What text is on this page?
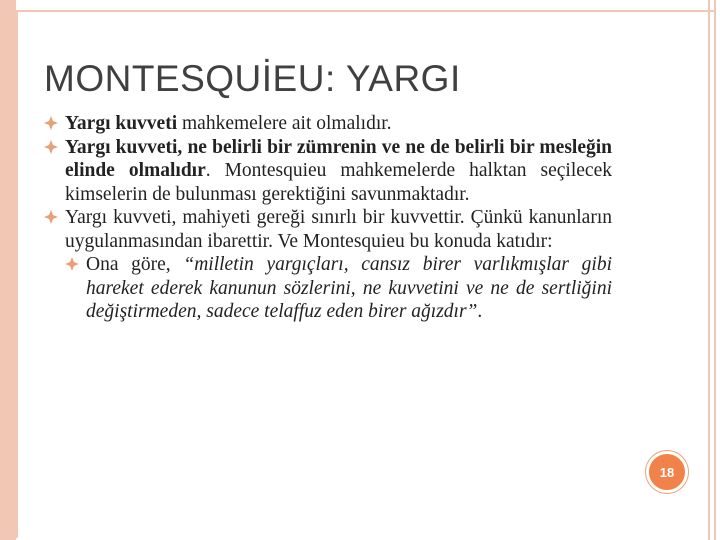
MONTESQUİEU: YARGI
Yargı kuvveti mahkemelere ait olmalıdır.
Yargı kuvveti, ne belirli bir zümrenin ve ne de belirli bir mesleğin elinde olmalıdır. Montesquieu mahkemelerde halktan seçilecek kimselerin de bulunması gerektiğini savunmaktadır.
Yargı kuvveti, mahiyeti gereği sınırlı bir kuvvettir. Çünkü kanunların uygulanmasından ibarettir. Ve Montesquieu bu konuda katıdır:
Ona göre, “milletin yargıçları, cansız birer varlıkmışlar gibi hareket ederek kanunun sözlerini, ne kuvvetini ve ne de sertliğini değiştirmeden, sadece telaffuz eden birer ağızdır”.
18
